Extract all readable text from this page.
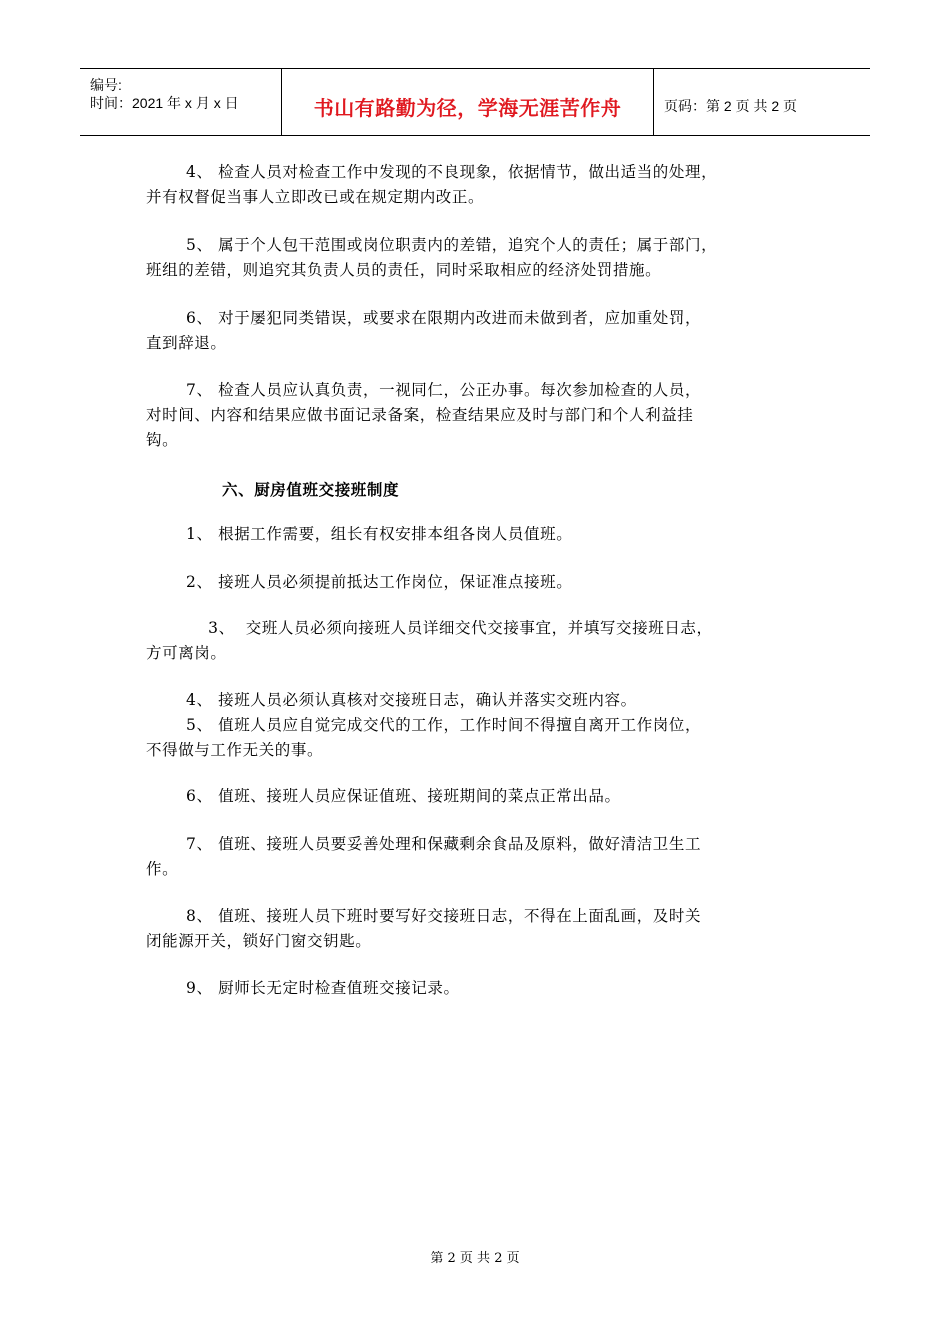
编号:
时间：2021 年 x 月 x 日	书山有路勤为径，学海无涯苦作舟	页码：第 2 页 共 2 页
4、 检查人员对检查工作中发现的不良现象，依据情节，做出适当的处理，
并有权督促当事人立即改已或在规定期内改正。
5、 属于个人包干范围或岗位职责内的差错，追究个人的责任；属于部门，
班组的差错，则追究其负责人员的责任，同时采取相应的经济处罚措施。
6、 对于屡犯同类错误，或要求在限期内改进而未做到者，应加重处罚，
直到辞退。
7、 检查人员应认真负责，一视同仁，公正办事。每次参加检查的人员，
对时间、内容和结果应做书面记录备案，检查结果应及时与部门和个人利益挂
钩。
六、厨房值班交接班制度
1、 根据工作需要，组长有权安排本组各岗人员值班。
2、 接班人员必须提前抵达工作岗位，保证准点接班。
3、  交班人员必须向接班人员详细交代交接事宜，并填写交接班日志，
方可离岗。
4、 接班人员必须认真核对交接班日志，确认并落实交班内容。
5、 值班人员应自觉完成交代的工作，工作时间不得擅自离开工作岗位，
不得做与工作无关的事。
6、 值班、接班人员应保证值班、接班期间的菜点正常出品。
7、 值班、接班人员要妥善处理和保藏剩余食品及原料，做好清洁卫生工
作。
8、 值班、接班人员下班时要写好交接班日志，不得在上面乱画，及时关
闭能源开关，锁好门窗交钥匙。
9、 厨师长无定时检查值班交接记录。
第 2 页 共 2 页
